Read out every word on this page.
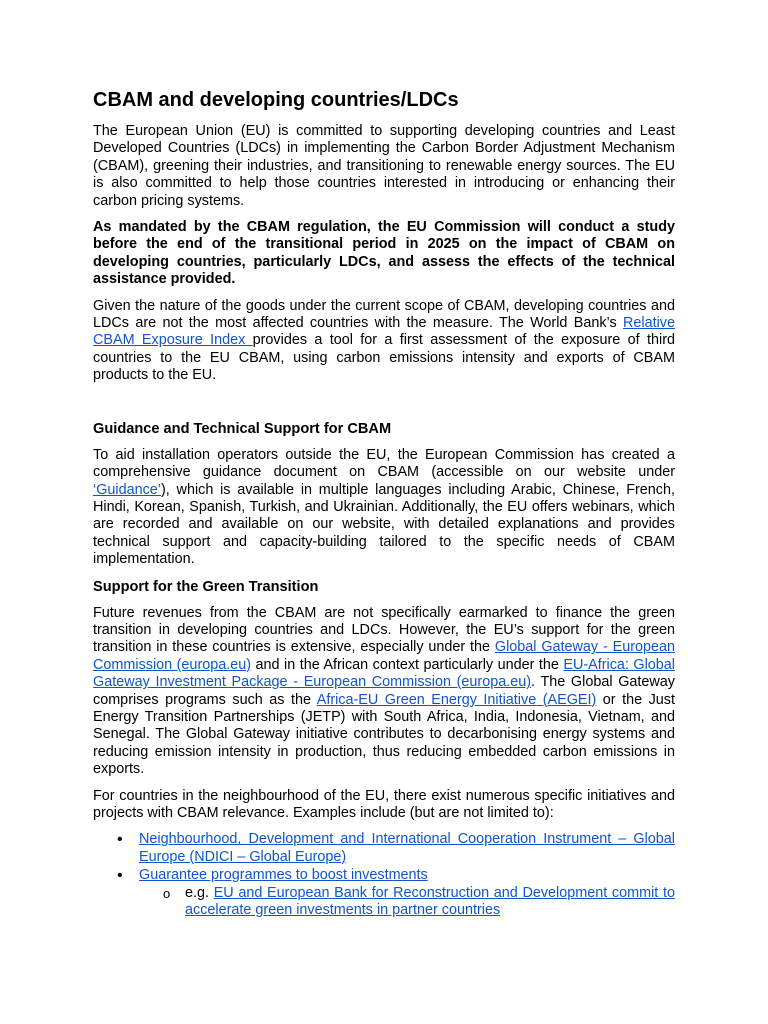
CBAM and developing countries/LDCs

The European Union (EU) is committed to supporting developing countries and Least Developed Countries (LDCs) in implementing the Carbon Border Adjustment Mechanism (CBAM), greening their industries, and transitioning to renewable energy sources. The EU is also committed to help those countries interested in introducing or enhancing their carbon pricing systems.

As mandated by the CBAM regulation, the EU Commission will conduct a study before the end of the transitional period in 2025 on the impact of CBAM on developing countries, particularly LDCs, and assess the effects of the technical assistance provided.

Given the nature of the goods under the current scope of CBAM, developing countries and LDCs are not the most affected countries with the measure. The World Bank’s Relative CBAM Exposure Index provides a tool for a first assessment of the exposure of third countries to the EU CBAM, using carbon emissions intensity and exports of CBAM products to the EU.

Guidance and Technical Support for CBAM

To aid installation operators outside the EU, the European Commission has created a comprehensive guidance document on CBAM (accessible on our website under ‘Guidance’), which is available in multiple languages including Arabic, Chinese, French, Hindi, Korean, Spanish, Turkish, and Ukrainian. Additionally, the EU offers webinars, which are recorded and available on our website, with detailed explanations and provides technical support and capacity-building tailored to the specific needs of CBAM implementation.

Support for the Green Transition

Future revenues from the CBAM are not specifically earmarked to finance the green transition in developing countries and LDCs. However, the EU’s support for the green transition in these countries is extensive, especially under the Global Gateway - European Commission (europa.eu) and in the African context particularly under the EU-Africa: Global Gateway Investment Package - European Commission (europa.eu). The Global Gateway comprises programs such as the Africa-EU Green Energy Initiative (AEGEI) or the Just Energy Transition Partnerships (JETP) with South Africa, India, Indonesia, Vietnam, and Senegal. The Global Gateway initiative contributes to decarbonising energy systems and reducing emission intensity in production, thus reducing embedded carbon emissions in exports.

For countries in the neighbourhood of the EU, there exist numerous specific initiatives and projects with CBAM relevance. Examples include (but are not limited to):

• Neighbourhood, Development and International Cooperation Instrument – Global Europe (NDICI – Global Europe)
• Guarantee programmes to boost investments
o e.g. EU and European Bank for Reconstruction and Development commit to accelerate green investments in partner countries
